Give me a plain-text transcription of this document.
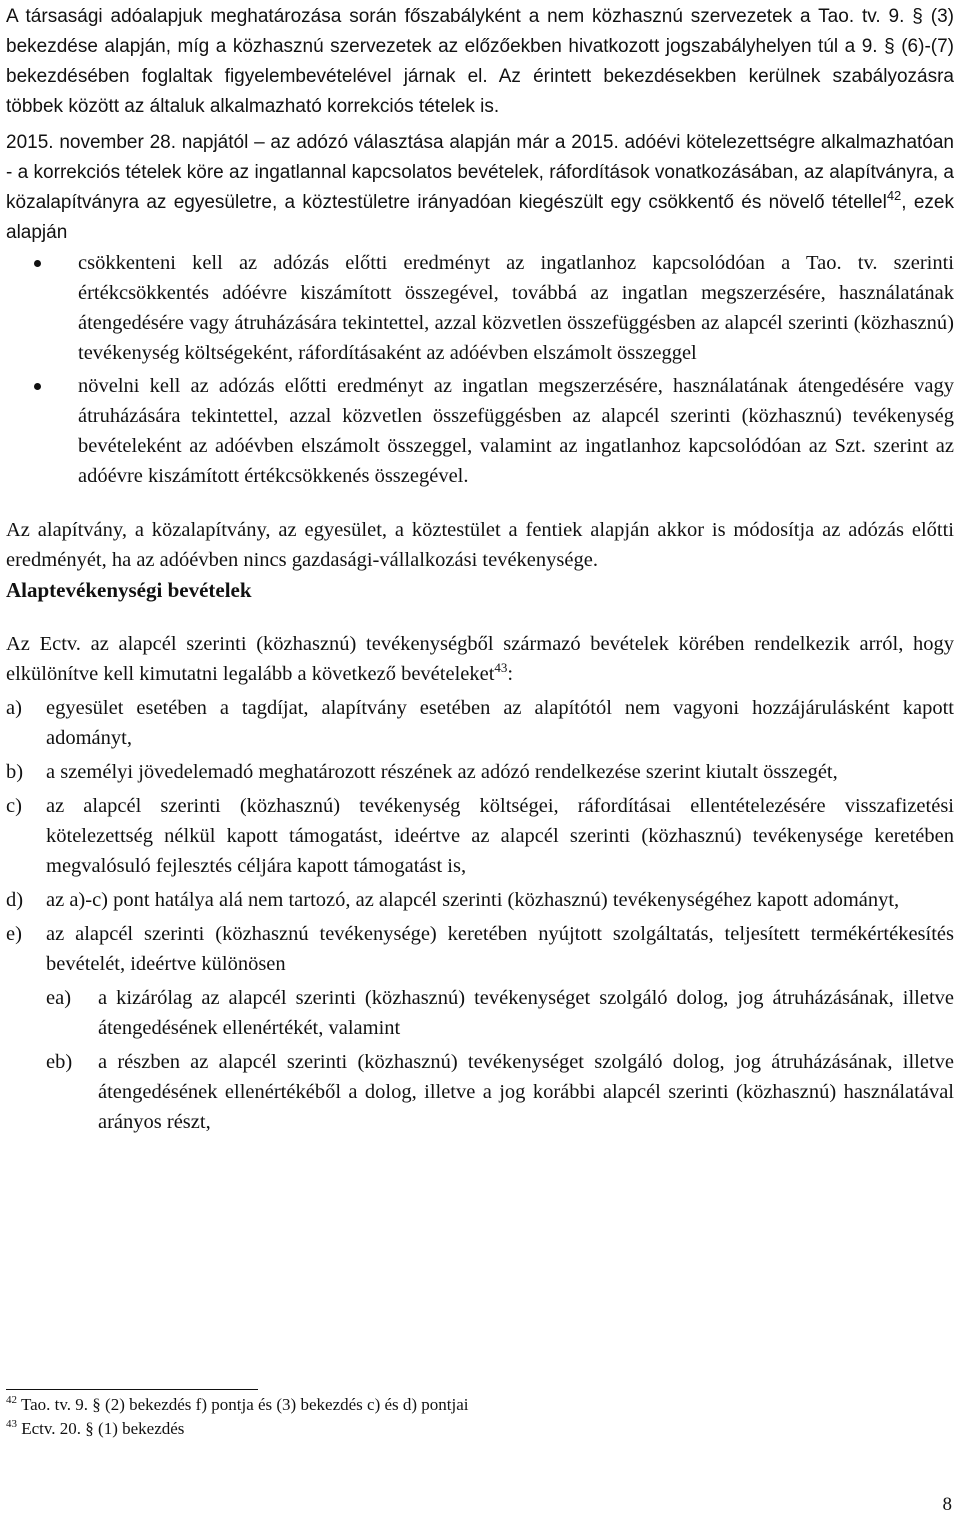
A társasági adóalapjuk meghatározása során főszabályként a nem közhasznú szervezetek a Tao. tv. 9. § (3) bekezdése alapján, míg a közhasznú szervezetek az előzőekben hivatkozott jogszabályhelyen túl a 9. § (6)-(7) bekezdésében foglaltak figyelembevételével járnak el. Az érintett bekezdésekben kerülnek szabályozásra többek között az általuk alkalmazható korrekciós tételek is.

2015. november 28. napjától – az adózó választása alapján már a 2015. adóévi kötelezettségre alkalmazhatóan - a korrekciós tételek köre az ingatlannal kapcsolatos bevételek, ráfordítások vonatkozásában, az alapítványra, a közalapítványra az egyesületre, a köztestületre irányadóan kiegészült egy csökkentő és növelő tétellel$^{42}$, ezek alapján

csökkenteni kell az adózás előtti eredményt az ingatlanhoz kapcsolódóan a Tao. tv. szerinti értékcsökkentés adóévre kiszámított összegével, továbbá az ingatlan megszerzésére, használatának átengedésére vagy átruházására tekintettel, azzal közvetlen összefüggésben az alapcél szerinti (közhasznú) tevékenység költségeként, ráfordításaként az adóévben elszámolt összeggel
növelni kell az adózás előtti eredményt az ingatlan megszerzésére, használatának átengedésére vagy átruházására tekintettel, azzal közvetlen összefüggésben az alapcél szerinti (közhasznú) tevékenység bevételeként az adóévben elszámolt összeggel, valamint az ingatlanhoz kapcsolódóan az Szt. szerint az adóévre kiszámított értékcsökkenés összegével.

Az alapítvány, a közalapítvány, az egyesület, a köztestület a fentiek alapján akkor is módosítja az adózás előtti eredményét, ha az adóévben nincs gazdasági-vállalkozási tevékenysége.

Alaptevékenységi bevételek

Az Ectv. az alapcél szerinti (közhasznú) tevékenységből származó bevételek körében rendelkezik arról, hogy elkülönítve kell kimutatni legalább a következő bevételeket$^{43}$:

a) egyesület esetében a tagdíjat, alapítvány esetében az alapítótól nem vagyoni hozzájárulásként kapott adományt,
b) a személyi jövedelemadó meghatározott részének az adózó rendelkezése szerint kiutalt összegét,
c) az alapcél szerinti (közhasznú) tevékenység költségei, ráfordításai ellentételezésére visszafizetési kötelezettség nélkül kapott támogatást, ideértve az alapcél szerinti (közhasznú) tevékenysége keretében megvalósuló fejlesztés céljára kapott támogatást is,
d) az a)-c) pont hatálya alá nem tartozó, az alapcél szerinti (közhasznú) tevékenységéhez kapott adományt,
e) az alapcél szerinti (közhasznú tevékenysége) keretében nyújtott szolgáltatás, teljesített termékértékesítés bevételét, ideértve különösen
ea) a kizárólag az alapcél szerinti (közhasznú) tevékenységet szolgáló dolog, jog átruházásának, illetve átengedésének ellenértékét, valamint
eb) a részben az alapcél szerinti (közhasznú) tevékenységet szolgáló dolog, jog átruházásának, illetve átengedésének ellenértékéből a dolog, illetve a jog korábbi alapcél szerinti (közhasznú) használatával arányos részt,
$^{42}$ Tao. tv. 9. § (2) bekezdés f) pontja és (3) bekezdés c) és d) pontjai
$^{43}$ Ectv. 20. § (1) bekezdés
8
